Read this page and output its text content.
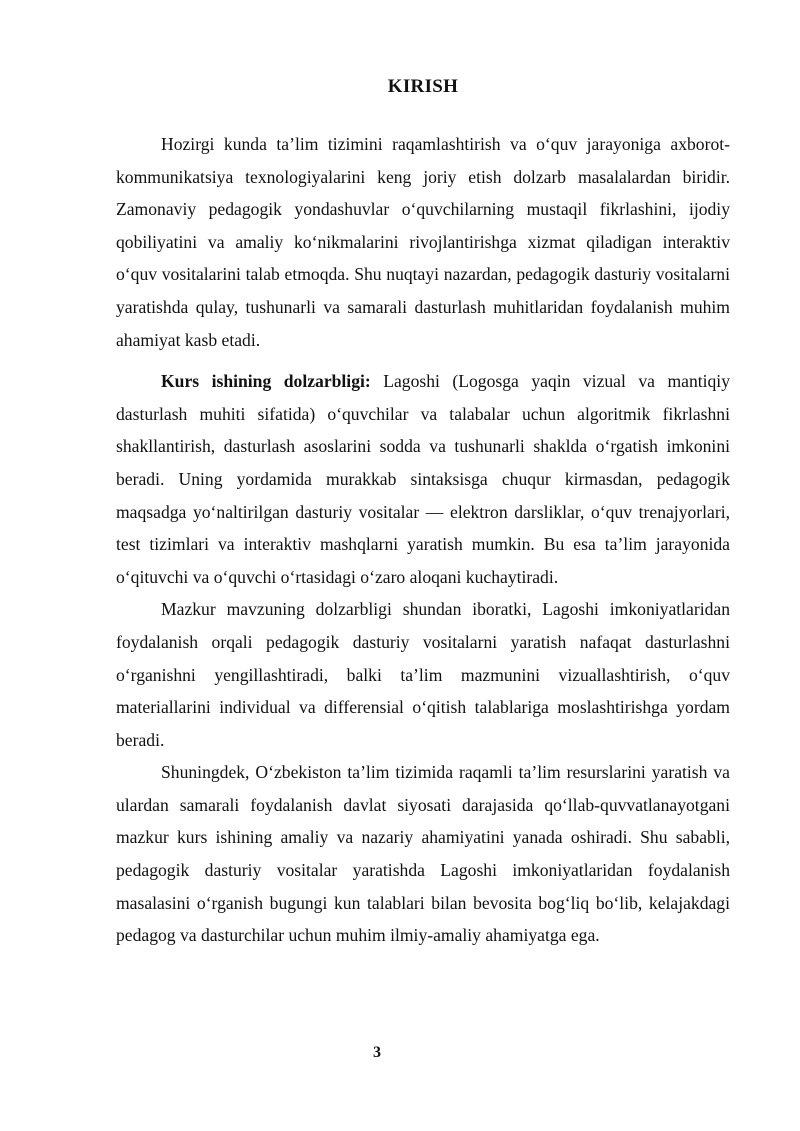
KIRISH

Hozirgi kunda ta’lim tizimini raqamlashtirish va o‘quv jarayoniga axborot-kommunikatsiya texnologiyalarini keng joriy etish dolzarb masalalardan biridir. Zamonaviy pedagogik yondashuvlar o‘quvchilarning mustaqil fikrlashini, ijodiy qobiliyatini va amaliy ko‘nikmalarini rivojlantirishga xizmat qiladigan interaktiv o‘quv vositalarini talab etmoqda. Shu nuqtayi nazardan, pedagogik dasturiy vositalarni yaratishda qulay, tushunarli va samarali dasturlash muhitlaridan foydalanish muhim ahamiyat kasb etadi.

Kurs ishining dolzarbligi: Lagoshi (Logosga yaqin vizual va mantiqiy dasturlash muhiti sifatida) o‘quvchilar va talabalar uchun algoritmik fikrlashni shakllantirish, dasturlash asoslarini sodda va tushunarli shaklda o‘rgatish imkonini beradi. Uning yordamida murakkab sintaksisga chuqur kirmasdan, pedagogik maqsadga yo‘naltirilgan dasturiy vositalar — elektron darsliklar, o‘quv trenajyorlari, test tizimlari va interaktiv mashqlarni yaratish mumkin. Bu esa ta’lim jarayonida o‘qituvchi va o‘quvchi o‘rtasidagi o‘zaro aloqani kuchaytiradi.

Mazkur mavzuning dolzarbligi shundan iboratki, Lagoshi imkoniyatlaridan foydalanish orqali pedagogik dasturiy vositalarni yaratish nafaqat dasturlashni o‘rganishni yengillashtiradi, balki ta’lim mazmunini vizuallashtirish, o‘quv materiallarini individual va differensial o‘qitish talablariga moslashtirishga yordam beradi.

Shuningdek, O‘zbekiston ta’lim tizimida raqamli ta’lim resurslarini yaratish va ulardan samarali foydalanish davlat siyosati darajasida qo‘llab-quvvatlanayotgani mazkur kurs ishining amaliy va nazariy ahamiyatini yanada oshiradi. Shu sababli, pedagogik dasturiy vositalar yaratishda Lagoshi imkoniyatlaridan foydalanish masalasini o‘rganish bugungi kun talablari bilan bevosita bog‘liq bo‘lib, kelajakdagi pedagog va dasturchilar uchun muhim ilmiy-amaliy ahamiyatga ega.

3
